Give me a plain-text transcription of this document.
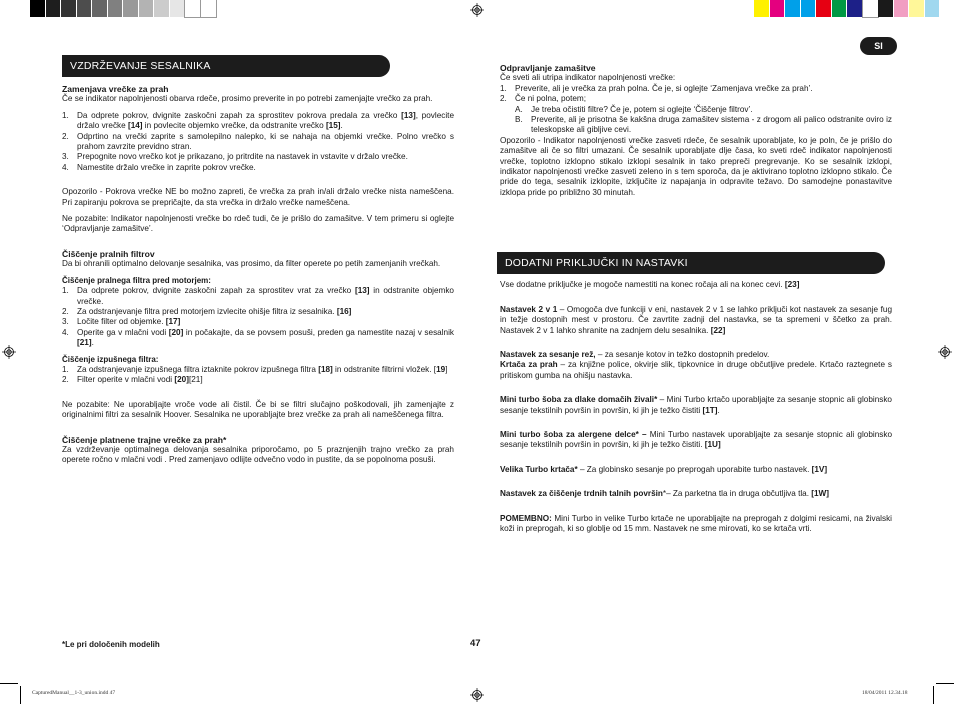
SI
VZDRŽEVANJE SESALNIKA

Zamenjava vrečke za prah

Če se indikator napolnjenosti obarva rdeče, prosimo preverite in po potrebi zamenjajte vrečko za prah.

1. Da odprete pokrov, dvignite zaskočni zapah za sprostitev pokrova predala za vrečko [13], povlecite držalo vrečke [14] in povlecite objemko vrečke, da odstranite vrečko [15].
2. Odprtino na vrečki zaprite s samolepilno nalepko, ki se nahaja na objemki vrečke. Polno vrečko s prahom zavrzite previdno stran.
3. Prepognite novo vrečko kot je prikazano, jo pritrdite na nastavek in vstavite v držalo vrečke.
4. Namestite držalo vrečke in zaprite pokrov vrečke.

Opozorilo - Pokrova vrečke NE bo možno zapreti, če vrečka za prah in/ali držalo vrečke nista nameščena. Pri zapiranju pokrova se prepričajte, da sta vrečka in držalo vrečke nameščena.

Ne pozabite: Indikator napolnjenosti vrečke bo rdeč tudi, če je prišlo do zamašitve. V tem primeru si oglejte ‘Odpravljanje zamašitve’.

Čiščenje pralnih filtrov

Da bi ohranili optimalno delovanje sesalnika, vas prosimo, da filter operete po petih zamenjanih vrečkah.

Čiščenje pralnega filtra pred motorjem:

1. Da odprete pokrov, dvignite zaskočni zapah za sprostitev vrat za vrečko [13] in odstranite objemko vrečke.
2. Za odstranjevanje filtra pred motorjem izvlecite ohišje filtra iz sesalnika. [16]
3. Ločite filter od objemke. [17]
4. Operite ga v mlačni vodi [20] in počakajte, da se povsem posuši, preden ga namestite nazaj v sesalnik [21].

Čiščenje izpušnega filtra:

1. Za odstranjevanje izpušnega filtra iztaknite pokrov izpušnega filtra [18] in odstranite filtrirni vložek. [19]
2. Filter operite v mlačni vodi [20][21]

Ne pozabite: Ne uporabljajte vroče vode ali čistil. Če bi se filtri slučajno poškodovali, jih zamenjajte z originalnimi filtri za sesalnik Hoover. Sesalnika ne uporabljajte brez vrečke za prah ali nameščenega filtra.

Čiščenje platnene trajne vrečke za prah*

Za vzdrževanje optimalnega delovanja sesalnika priporočamo, po 5 praznjenjih trajno vrečko za prah operete ročno v mlačni vodi . Pred zamenjavo odlijte odvečno vodo in pustite, da se popolnoma posuši.

Odpravljanje zamašitve

Če sveti ali utripa indikator napolnjenosti vrečke:

1. Preverite, ali je vrečka za prah polna. Če je, si oglejte ‘Zamenjava vrečke za prah’.
2. Če ni polna, potem;
A. Je treba očistiti filtre? Če je, potem si oglejte ‘Čiščenje filtrov’.
B. Preverite, ali je prisotna še kakšna druga zamašitev sistema - z drogom ali palico odstranite oviro iz teleskopske ali gibljive cevi.

Opozorilo - Indikator napolnjenosti vrečke zasveti rdeče, če sesalnik uporabljate, ko je poln, če je prišlo do zamašitve ali če so filtri umazani. Če sesalnik uporabljate dlje časa, ko sveti rdeč indikator napolnjenosti vrečke, toplotno izklopno stikalo izklopi sesalnik in tako prepreči pregrevanje. Ko se sesalnik izklopi, indikator napolnjenosti vrečke zasveti zeleno in s tem sporoča, da je aktivirano toplotno izklopno stikalo. Če pride do tega, sesalnik izklopite, izključite iz napajanja in odpravite težavo. Do samodejne ponastavitve izklopa pride po približno 30 minutah.

DODATNI PRIKLJUČKI IN NASTAVKI

Vse dodatne priključke je mogoče namestiti na konec ročaja ali na konec cevi. [23]

Nastavek 2 v 1 – Omogoča dve funkciji v eni, nastavek 2 v 1 se lahko priključi kot nastavek za sesanje fug in težje dostopnih mest v prostoru. Če zavrtite zadnji del nastavka, se ta spremeni v ščetko za prah. Nastavek 2 v 1 lahko shranite na zadnjem delu sesalnika. [22]

Nastavek za sesanje rež, – za sesanje kotov in težko dostopnih predelov.

Krtača za prah – za knjižne police, okvirje slik, tipkovnice in druge občutljive predele. Krtačo raztegnete s pritiskom gumba na ohišju nastavka.

Mini turbo šoba za dlake domačih živali* – Mini Turbo krtačo uporabljajte za sesanje stopnic ali globinsko sesanje tekstilnih površin in površin, ki jih je težko čistiti [1T].

Mini turbo šoba za alergene delce* – Mini Turbo nastavek uporabljajte za sesanje stopnic ali globinsko sesanje tekstilnih površin in površin, ki jih je težko čistiti. [1U]

Velika Turbo krtača* – Za globinsko sesanje po preprogah uporabite turbo nastavek. [1V]

Nastavek za čiščenje trdnih talnih površin*– Za parketna tla in druga občutljiva tla. [1W]

POMEMBNO: Mini Turbo in velike Turbo krtače ne uporabljajte na preprogah z dolgimi resicami, na živalski koži in preprogah, ki so globlje od 15 mm. Nastavek ne sme mirovati, ko se krtača vrti.

*Le pri določenih modelih	47
CapturedManual__1-3_union.indd 47	18/04/2011 12.34.18
